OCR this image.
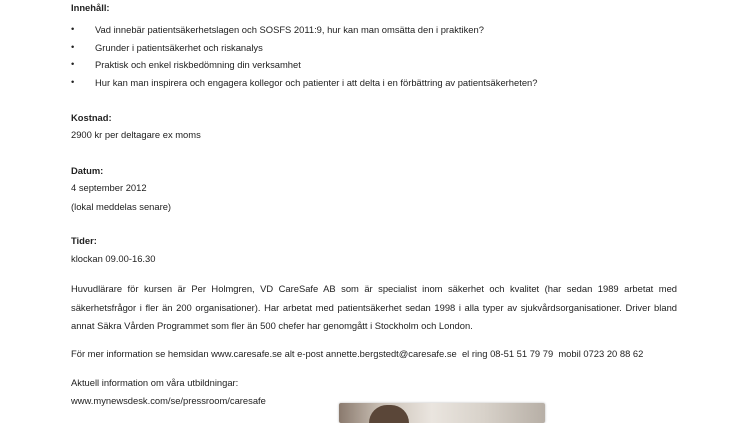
Innehåll:
• Vad innebär patientsäkerhetslagen och SOSFS 2011:9, hur kan man omsätta den i praktiken?
• Grunder i patientsäkerhet och riskanalys
• Praktisk och enkel riskbedömning din verksamhet
• Hur kan man inspirera och engagera kollegor och patienter i att delta i en förbättring av patientsäkerheten?
Kostnad:
2900 kr per deltagare ex moms
Datum:
4 september 2012
(lokal meddelas senare)
Tider:
klockan 09.00-16.30
Huvudlärare för kursen är Per Holmgren, VD CareSafe AB som är specialist inom säkerhet och kvalitet (har sedan 1989 arbetat med säkerhetsfrågor i fler än 200 organisationer). Har arbetat med patientsäkerhet sedan 1998 i alla typer av sjukvårdsorganisationer. Driver bland annat Säkra Vården Programmet som fler än 500 chefer har genomgått i Stockholm och London.
För mer information se hemsidan www.caresafe.se alt e-post annette.bergstedt@caresafe.se  el ring 08-51 51 79 79  mobil 0723 20 88 62
Aktuell information om våra utbildningar:
www.mynewsdesk.com/se/pressroom/caresafe
